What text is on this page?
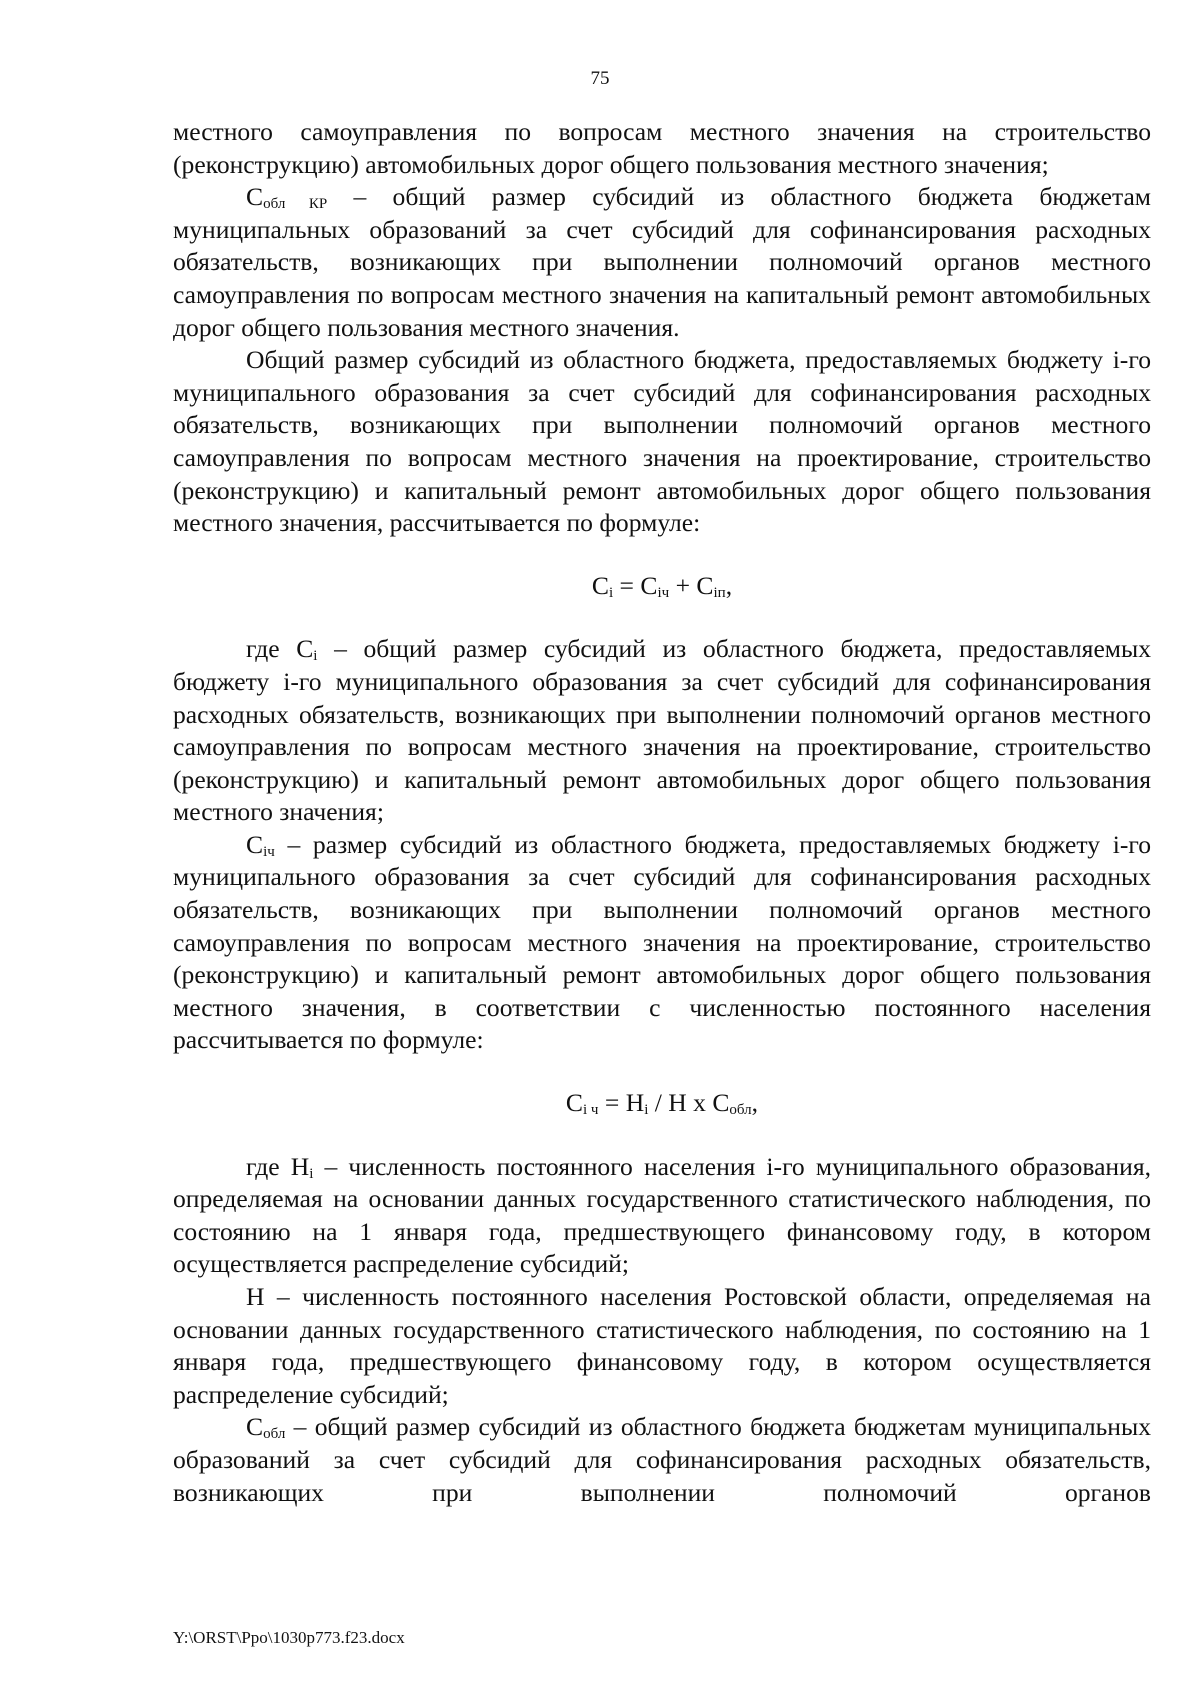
75

местного самоуправления по вопросам местного значения на строительство (реконструкцию) автомобильных дорог общего пользования местного значения;

$С_{обл КР}$ – общий размер субсидий из областного бюджета бюджетам муниципальных образований за счет субсидий для софинансирования расходных обязательств, возникающих при выполнении полномочий органов местного самоуправления по вопросам местного значения на капитальный ремонт автомобильных дорог общего пользования местного значения.

Общий размер субсидий из областного бюджета, предоставляемых бюджету i-го муниципального образования за счет субсидий для софинансирования расходных обязательств, возникающих при выполнении полномочий органов местного самоуправления по вопросам местного значения на проектирование, строительство (реконструкцию) и капитальный ремонт автомобильных дорог общего пользования местного значения, рассчитывается по формуле:

$С_i = С_{iч} + С_{iп}$,

где $С_i$ – общий размер субсидий из областного бюджета, предоставляемых бюджету i-го муниципального образования за счет субсидий для софинансирования расходных обязательств, возникающих при выполнении полномочий органов местного самоуправления по вопросам местного значения на проектирование, строительство (реконструкцию) и капитальный ремонт автомобильных дорог общего пользования местного значения;

$С_{iч}$ – размер субсидий из областного бюджета, предоставляемых бюджету i-го муниципального образования за счет субсидий для софинансирования расходных обязательств, возникающих при выполнении полномочий органов местного самоуправления по вопросам местного значения на проектирование, строительство (реконструкцию) и капитальный ремонт автомобильных дорог общего пользования местного значения, в соответствии с численностью постоянного населения рассчитывается по формуле:

$С_{i ч} = Н_i / Н$ х $С_{обл}$,

где $Н_i$ – численность постоянного населения i-го муниципального образования, определяемая на основании данных государственного статистического наблюдения, по состоянию на 1 января года, предшествующего финансовому году, в котором осуществляется распределение субсидий;

Н – численность постоянного населения Ростовской области, определяемая на основании данных государственного статистического наблюдения, по состоянию на 1 января года, предшествующего финансовому году, в котором осуществляется распределение субсидий;

$С_{обл}$ – общий размер субсидий из областного бюджета бюджетам муниципальных образований за счет субсидий для софинансирования расходных обязательств, возникающих при выполнении полномочий органов

Y:\ORST\Рро\1030р773.f23.docx
